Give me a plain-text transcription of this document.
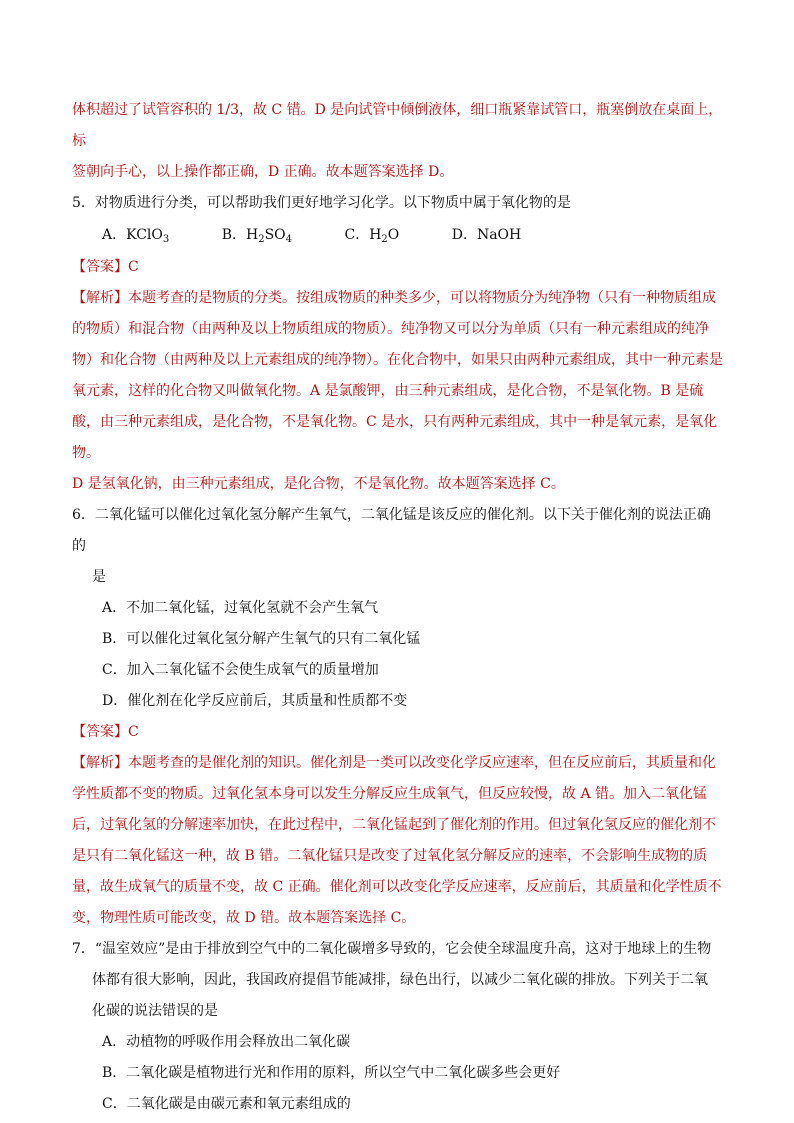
体积超过了试管容积的 1/3，故 C 错。D 是向试管中倾倒液体，细口瓶紧靠试管口，瓶塞倒放在桌面上，标

签朝向手心，以上操作都正确，D 正确。故本题答案选择 D。

5．对物质进行分类，可以帮助我们更好地学习化学。以下物质中属于氧化物的是

A．KClO$_3$	B．$H_2SO_4$	C．$H_2O$	D．NaOH

【答案】C

【解析】本题考查的是物质的分类。按组成物质的种类多少，可以将物质分为纯净物（只有一种物质组成的物质）和混合物（由两种及以上物质组成的物质）。纯净物又可以分为单质（只有一种元素组成的纯净物）和化合物（由两种及以上元素组成的纯净物）。在化合物中，如果只由两种元素组成，其中一种元素是氧元素，这样的化合物又叫做氧化物。A 是氯酸钾，由三种元素组成，是化合物，不是氧化物。B 是硫酸，由三种元素组成，是化合物，不是氧化物。C 是水，只有两种元素组成，其中一种是氧元素，是氧化物。

D 是氢氧化钠，由三种元素组成，是化合物，不是氧化物。故本题答案选择 C。

6．二氧化锰可以催化过氧化氢分解产生氧气，二氧化锰是该反应的催化剂。以下关于催化剂的说法正确的

是

A．不加二氧化锰，过氧化氢就不会产生氧气

B．可以催化过氧化氢分解产生氧气的只有二氧化锰

C．加入二氧化锰不会使生成氧气的质量增加

D．催化剂在化学反应前后，其质量和性质都不变

【答案】C

【解析】本题考查的是催化剂的知识。催化剂是一类可以改变化学反应速率，但在反应前后，其质量和化学性质都不变的物质。过氧化氢本身可以发生分解反应生成氧气，但反应较慢，故 A 错。加入二氧化锰后，过氧化氢的分解速率加快，在此过程中，二氧化锰起到了催化剂的作用。但过氧化氢反应的催化剂不是只有二氧化锰这一种，故 B 错。二氧化锰只是改变了过氧化氢分解反应的速率，不会影响生成物的质量，故生成氧气的质量不变，故 C 正确。催化剂可以改变化学反应速率，反应前后，其质量和化学性质不变，物理性质可能改变，故 D 错。故本题答案选择 C。

7．“温室效应”是由于排放到空气中的二氧化碳增多导致的，它会使全球温度升高，这对于地球上的生物

体都有很大影响，因此，我国政府提倡节能减排，绿色出行，以减少二氧化碳的排放。下列关于二氧

化碳的说法错误的是

A．动植物的呼吸作用会释放出二氧化碳

B．二氧化碳是植物进行光和作用的原料，所以空气中二氧化碳多些会更好

C．二氧化碳是由碳元素和氧元素组成的
